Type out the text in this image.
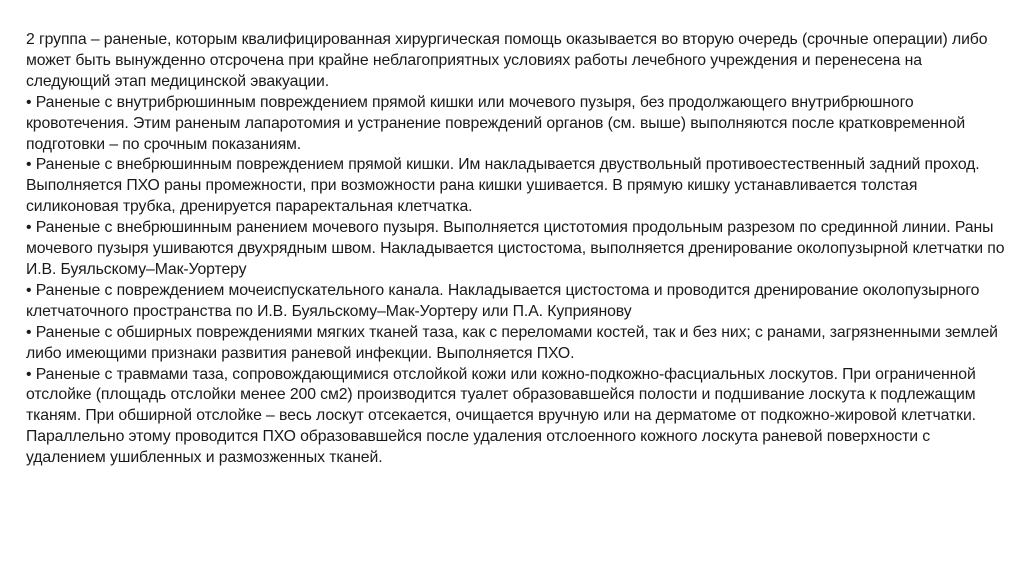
2 группа – раненые, которым квалифицированная хирургическая помощь оказывается во вторую очередь (срочные операции) либо может быть вынужденно отсрочена при крайне неблагоприятных условиях работы лечебного учреждения и перенесена на следующий этап медицинской эвакуации.

• Раненые с внутрибрюшинным повреждением прямой кишки или мочевого пузыря, без продолжающего внутрибрюшного кровотечения. Этим раненым лапаротомия и устранение повреждений органов (см. выше) выполняются после кратковременной подготовки – по срочным показаниям.

• Раненые с внебрюшинным повреждением прямой кишки. Им накладывается двуствольный противоестественный задний проход. Выполняется ПХО раны промежности, при возможности рана кишки ушивается. В прямую кишку устанавливается толстая силиконовая трубка, дренируется параректальная клетчатка.

• Раненые с внебрюшинным ранением мочевого пузыря. Выполняется цистотомия продольным разрезом по срединной линии. Раны мочевого пузыря ушиваются двухрядным швом. Накладывается цистостома, выполняется дренирование околопузырной клетчатки по И.В. Буяльскому–Мак-Уортеру

• Раненые с повреждением мочеиспускательного канала. Накладывается цистостома и проводится дренирование околопузырного клетчаточного пространства по И.В. Буяльскому–Мак-Уортеру или П.А. Куприянову

• Раненые с обширных повреждениями мягких тканей таза, как с переломами костей, так и без них; с ранами, загрязненными землей либо имеющими признаки развития раневой инфекции. Выполняется ПХО.

• Раненые с травмами таза, сопровождающимися отслойкой кожи или кожно-подкожно-фасциальных лоскутов. При ограниченной отслойке (площадь отслойки менее 200 см2) производится туалет образовавшейся полости и подшивание лоскута к подлежащим тканям. При обширной отслойке – весь лоскут отсекается, очищается вручную или на дерматоме от подкожно-жировой клетчатки. Параллельно этому проводится ПХО образовавшейся после удаления отслоенного кожного лоскута раневой поверхности с удалением ушибленных и размозженных тканей.
